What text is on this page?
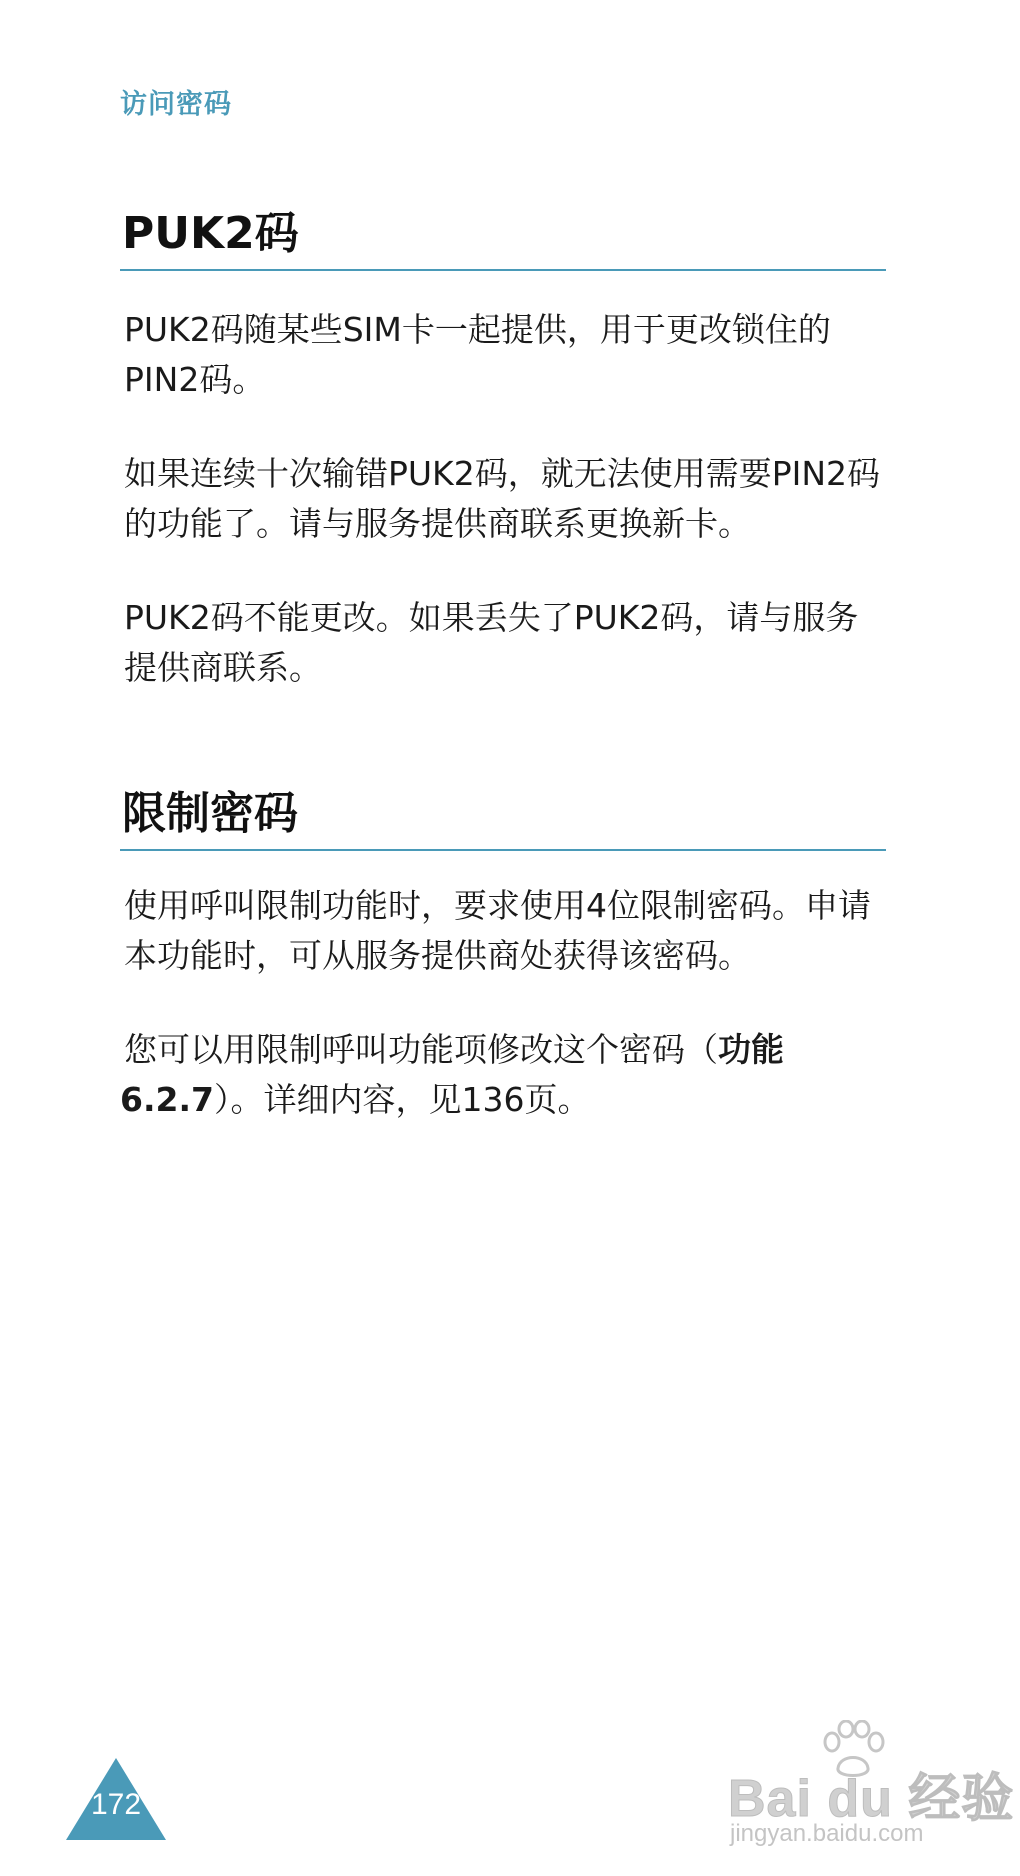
访问密码
PUK2码

PUK2码随某些SIM卡一起提供，用于更改锁住的
PIN2码。

如果连续十次输错PUK2码，就无法使用需要PIN2码
的功能了。请与服务提供商联系更换新卡。

PUK2码不能更改。如果丢失了PUK2码，请与服务
提供商联系。

限制密码

使用呼叫限制功能时，要求使用4位限制密码。申请
本功能时，可从服务提供商处获得该密码。

您可以用限制呼叫功能项修改这个密码（功能
6.2.7）。详细内容，见136页。

172	Bai du 经验
jingyan.baidu.com
